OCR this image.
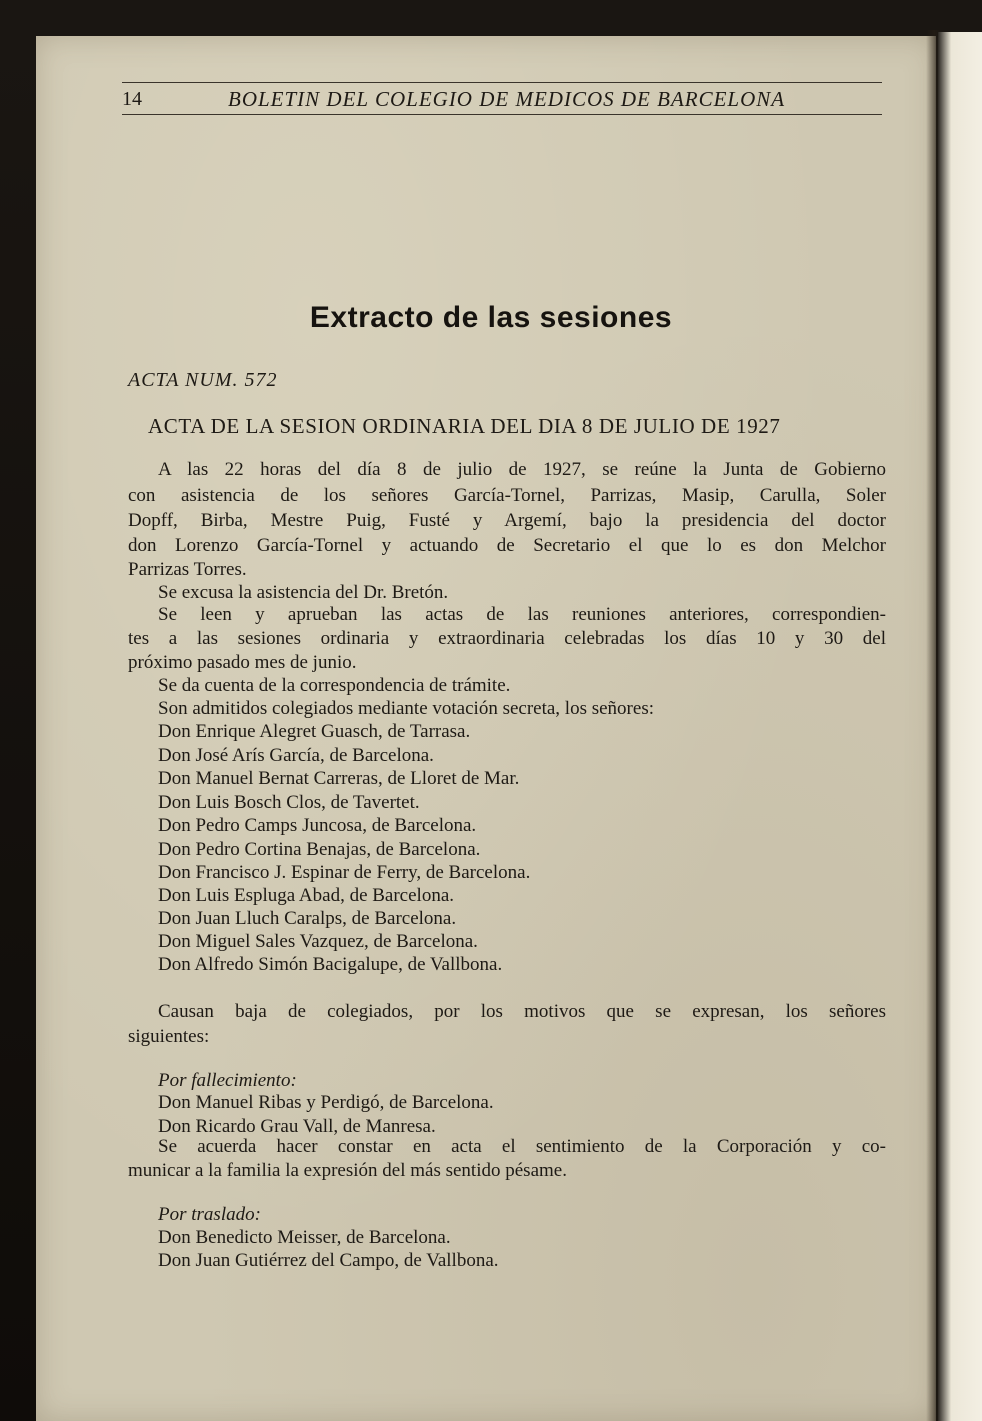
14	BOLETIN DEL COLEGIO DE MEDICOS DE BARCELONA
Extracto de las sesiones
ACTA NUM. 572
ACTA DE LA SESION ORDINARIA DEL DIA 8 DE JULIO DE 1927
A las 22 horas del día 8 de julio de 1927, se reúne la Junta de Gobierno
con asistencia de los señores García-Tornel, Parrizas, Masip, Carulla, Soler
Dopff, Birba, Mestre Puig, Fusté y Argemí, bajo la presidencia del doctor
don Lorenzo García-Tornel y actuando de Secretario el que lo es don Melchor
Parrizas Torres.
Se excusa la asistencia del Dr. Bretón.
Se leen y aprueban las actas de las reuniones anteriores, correspondien-
tes a las sesiones ordinaria y extraordinaria celebradas los días 10 y 30 del
próximo pasado mes de junio.
Se da cuenta de la correspondencia de trámite.
Son admitidos colegiados mediante votación secreta, los señores:
Don Enrique Alegret Guasch, de Tarrasa.
Don José Arís García, de Barcelona.
Don Manuel Bernat Carreras, de Lloret de Mar.
Don Luis Bosch Clos, de Tavertet.
Don Pedro Camps Juncosa, de Barcelona.
Don Pedro Cortina Benajas, de Barcelona.
Don Francisco J. Espinar de Ferry, de Barcelona.
Don Luis Espluga Abad, de Barcelona.
Don Juan Lluch Caralps, de Barcelona.
Don Miguel Sales Vazquez, de Barcelona.
Don Alfredo Simón Bacigalupe, de Vallbona.
Causan baja de colegiados, por los motivos que se expresan, los señores
siguientes:
Por fallecimiento:
Don Manuel Ribas y Perdigó, de Barcelona.
Don Ricardo Grau Vall, de Manresa.
Se acuerda hacer constar en acta el sentimiento de la Corporación y co-
municar a la familia la expresión del más sentido pésame.
Por traslado:
Don Benedicto Meisser, de Barcelona.
Don Juan Gutiérrez del Campo, de Vallbona.
